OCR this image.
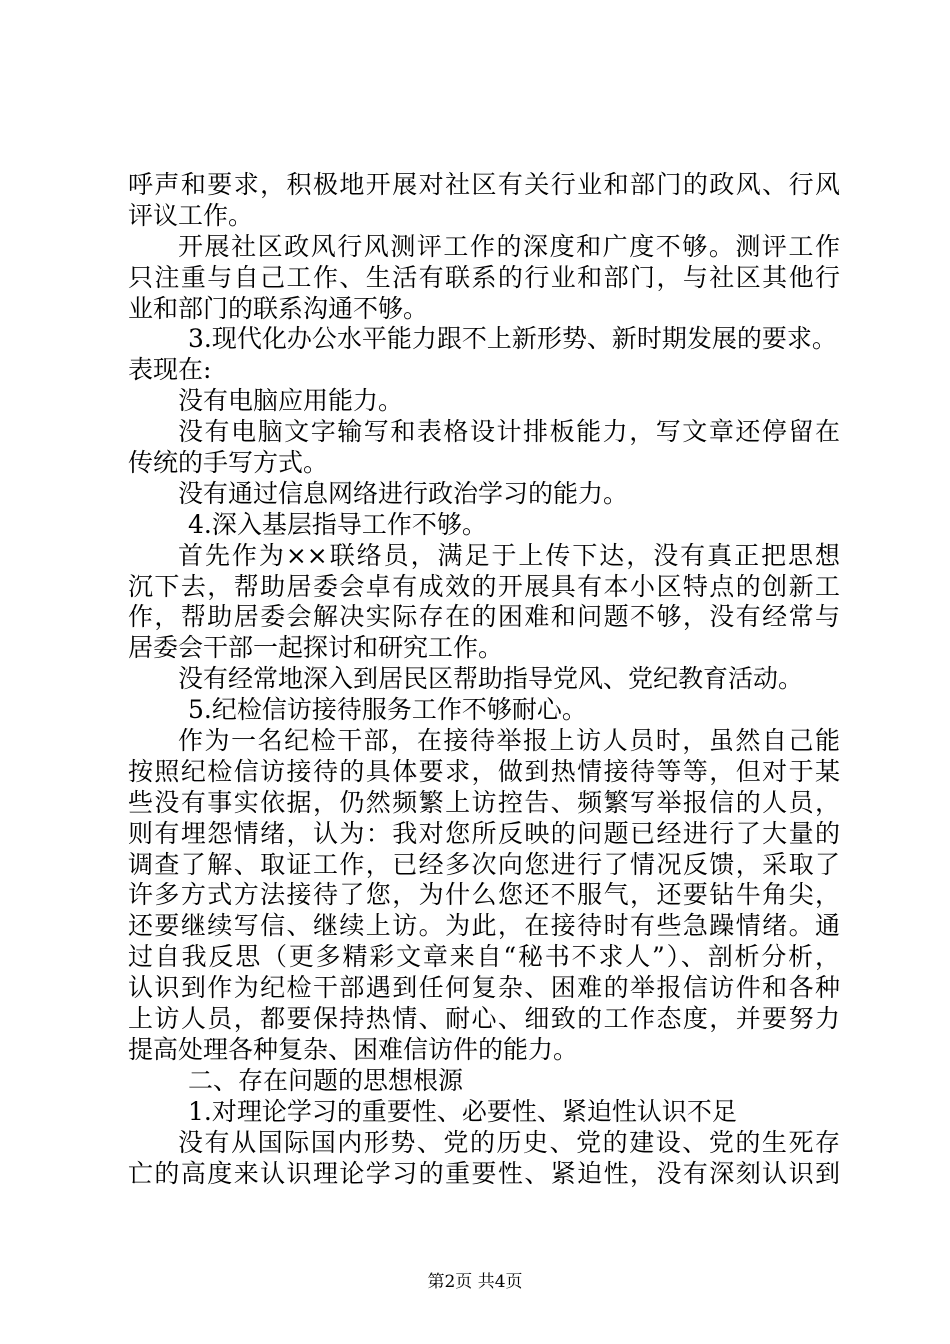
呼声和要求，积极地开展对社区有关行业和部门的政风、行风
评议工作。
开展社区政风行风测评工作的深度和广度不够。测评工作
只注重与自己工作、生活有联系的行业和部门，与社区其他行
业和部门的联系沟通不够。
3.现代化办公水平能力跟不上新形势、新时期发展的要求。
表现在:
没有电脑应用能力。
没有电脑文字输写和表格设计排板能力，写文章还停留在
传统的手写方式。
没有通过信息网络进行政治学习的能力。
4.深入基层指导工作不够。
首先作为××联络员，满足于上传下达，没有真正把思想
沉下去，帮助居委会卓有成效的开展具有本小区特点的创新工
作，帮助居委会解决实际存在的困难和问题不够，没有经常与
居委会干部一起探讨和研究工作。
没有经常地深入到居民区帮助指导党风、党纪教育活动。
5.纪检信访接待服务工作不够耐心。
作为一名纪检干部，在接待举报上访人员时，虽然自己能
按照纪检信访接待的具体要求，做到热情接待等等，但对于某
些没有事实依据，仍然频繁上访控告、频繁写举报信的人员，
则有埋怨情绪，认为：我对您所反映的问题已经进行了大量的
调查了解、取证工作，已经多次向您进行了情况反馈，采取了
许多方式方法接待了您，为什么您还不服气，还要钻牛角尖，
还要继续写信、继续上访。为此，在接待时有些急躁情绪。通
过自我反思（更多精彩文章来自“秘书不求人”）、剖析分析，
认识到作为纪检干部遇到任何复杂、困难的举报信访件和各种
上访人员，都要保持热情、耐心、细致的工作态度，并要努力
提高处理各种复杂、困难信访件的能力。
二、存在问题的思想根源
1.对理论学习的重要性、必要性、紧迫性认识不足
没有从国际国内形势、党的历史、党的建设、党的生死存
亡的高度来认识理论学习的重要性、紧迫性，没有深刻认识到
第2页 共4页
